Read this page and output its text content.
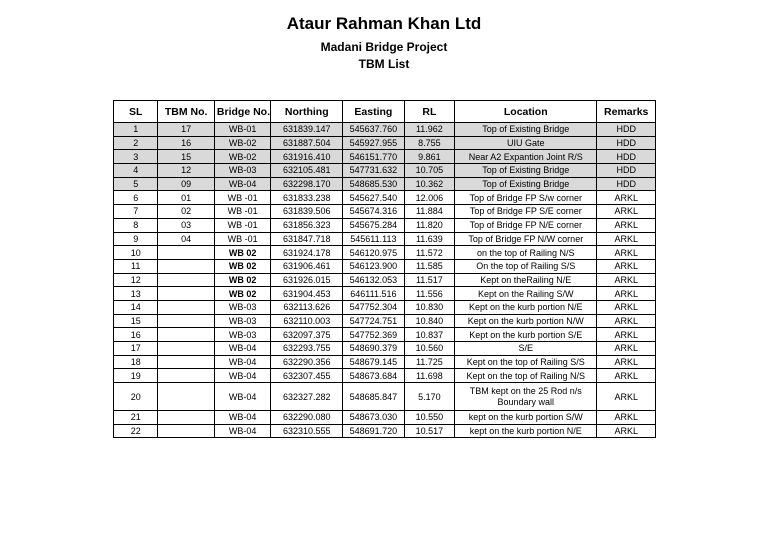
Ataur Rahman Khan Ltd
Madani Bridge Project
TBM List
SL	TBM No.	Bridge No.	Northing	Easting	RL	Location	Remarks
1	17	WB-01	631839.147	545637.760	11.962	Top of Existing Bridge	HDD
2	16	WB-02	631887.504	545927.955	8.755	UIU Gate	HDD
3	15	WB-02	631916.410	546151.770	9.861	Near A2 Expantion Joint R/S	HDD
4	12	WB-03	632105.481	547731.632	10.705	Top of Existing Bridge	HDD
5	09	WB-04	632298.170	548685.530	10.362	Top of Existing Bridge	HDD
6	01	WB -01	631833.238	545627.540	12.006	Top of Bridge FP S/w corner	ARKL
7	02	WB -01	631839.506	545674.316	11.884	Top of Bridge FP S/E corner	ARKL
8	03	WB -01	631856.323	545675.284	11.820	Top of Bridge FP N/E corner	ARKL
9	04	WB -01	631847.718	545611.113	11.639	Top of Bridge FP N/W corner	ARKL
10		WB 02	631924.178	546120.975	11.572	on the top of Railing N/S	ARKL
11		WB 02	631906.461	546123.900	11.585	On the top of Railing S/S	ARKL
12		WB 02	631926.015	546132.053	11.517	Kept on theRailing N/E	ARKL
13		WB 02	631904.453	646111.516	11.556	Kept on the Railing S/W	ARKL
14		WB-03	632113.626	547752.304	10.830	Kept on the kurb portion N/E	ARKL
15		WB-03	632110.003	547724.751	10.840	Kept on the kurb portion N/W	ARKL
16		WB-03	632097.375	547752.369	10.837	Kept on the kurb portion S/E	ARKL
17		WB-04	632293.755	548690.379	10.560	S/E	ARKL
18		WB-04	632290.356	548679.145	11.725	Kept on the top of Railing S/S	ARKL
19		WB-04	632307.455	548673.684	11.698	Kept on the top of Railing N/S	ARKL
20		WB-04	632327.282	548685.847	5.170	TBM kept on the 25 Rod n/s Boundary wall	ARKL
21		WB-04	632290.080	548673.030	10.550	kept on the kurb portion S/W	ARKL
22		WB-04	632310.555	548691.720	10.517	kept on the kurb portion N/E	ARKL
